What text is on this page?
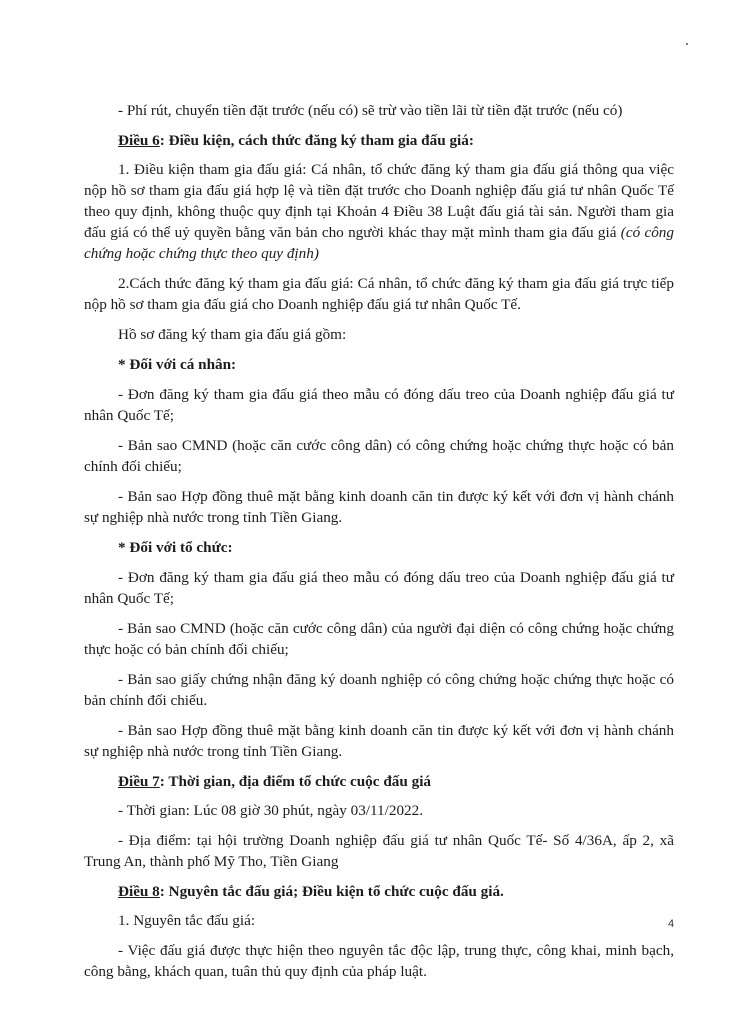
- Phí rút, chuyển tiền đặt trước (nếu có) sẽ trừ vào tiền lãi từ tiền đặt trước (nếu có)

Điều 6: Điều kiện, cách thức đăng ký tham gia đấu giá:

1. Điều kiện tham gia đấu giá: Cá nhân, tổ chức đăng ký tham gia đấu giá thông qua việc nộp hồ sơ tham gia đấu giá hợp lệ và tiền đặt trước cho Doanh nghiệp đấu giá tư nhân Quốc Tế theo quy định, không thuộc quy định tại Khoản 4 Điều 38 Luật đấu giá tài sản. Người tham gia đấu giá có thể uỷ quyền bằng văn bản cho người khác thay mặt mình tham gia đấu giá (có công chứng hoặc chứng thực theo quy định)

2.Cách thức đăng ký tham gia đấu giá: Cá nhân, tổ chức đăng ký tham gia đấu giá trực tiếp nộp hồ sơ tham gia đấu giá cho Doanh nghiệp đấu giá tư nhân Quốc Tế.

Hồ sơ đăng ký tham gia đấu giá gồm:

* Đối với cá nhân:

- Đơn đăng ký tham gia đấu giá theo mẫu có đóng dấu treo của Doanh nghiệp đấu giá tư nhân Quốc Tế;

- Bản sao CMND (hoặc căn cước công dân) có công chứng hoặc chứng thực hoặc có bản chính đối chiếu;

- Bản sao Hợp đồng thuê mặt bằng kinh doanh căn tin được ký kết với đơn vị hành chánh sự nghiệp nhà nước trong tỉnh Tiền Giang.

* Đối với tổ chức:

- Đơn đăng ký tham gia đấu giá theo mẫu có đóng dấu treo của Doanh nghiệp đấu giá tư nhân Quốc Tế;

- Bản sao CMND (hoặc căn cước công dân) của người đại diện có công chứng hoặc chứng thực hoặc có bản chính đối chiếu;

- Bản sao giấy chứng nhận đăng ký doanh nghiệp có công chứng hoặc chứng thực hoặc có bản chính đối chiếu.

- Bản sao Hợp đồng thuê mặt bằng kinh doanh căn tin được ký kết với đơn vị hành chánh sự nghiệp nhà nước trong tỉnh Tiền Giang.

Điều 7: Thời gian, địa điểm tổ chức cuộc đấu giá

- Thời gian: Lúc 08 giờ 30 phút, ngày 03/11/2022.

- Địa điểm: tại hội trường Doanh nghiệp đấu giá tư nhân Quốc Tế- Số 4/36A, ấp 2, xã Trung An, thành phố Mỹ Tho, Tiền Giang

Điều 8: Nguyên tắc đấu giá; Điều kiện tổ chức cuộc đấu giá.

1. Nguyên tắc đấu giá:

- Việc đấu giá được thực hiện theo nguyên tắc độc lập, trung thực, công khai, minh bạch, công bằng, khách quan, tuân thủ quy định của pháp luật.

4
